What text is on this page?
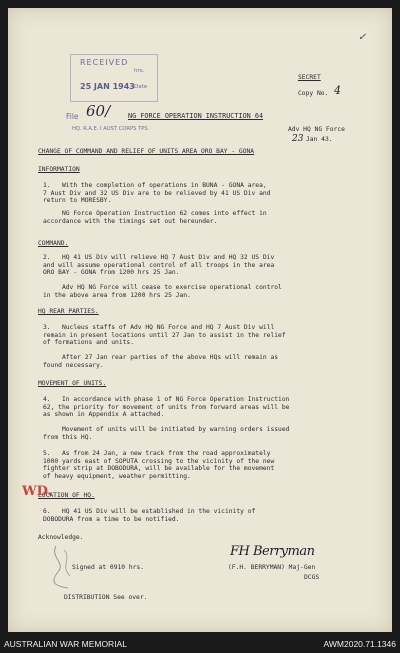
RECEIVED
hrs.
25 JAN 1943 Date
File 60/
HQ. R.A.E. I AUST CORPS TPS.
✓
SECRET
Copy No. 4
NG FORCE OPERATION INSTRUCTION 64
Adv HQ NG Force
23 Jan 43.
CHANGE OF COMMAND AND RELIEF OF UNITS AREA ORO BAY - GONA
INFORMATION
1.   With the completion of operations in BUNA - GONA area,
7 Aust Div and 32 US Div are to be relieved by 41 US Div and
return to MORESBY.
NG Force Operation Instruction 62 comes into effect in
accordance with the timings set out hereunder.
COMMAND.
2.   HQ 41 US Div will relieve HQ 7 Aust Div and HQ 32 US Div
and will assume operational control of all troops in the area
ORO BAY - GONA from 1200 hrs 25 Jan.
Adv HQ NG Force will cease to exercise operational control
in the above area from 1200 hrs 25 Jan.
HQ REAR PARTIES.
3.   Nucleus staffs of Adv HQ NG Force and HQ 7 Aust Div will
remain in present locations until 27 Jan to assist in the relief
of formations and units.
After 27 Jan rear parties of the above HQs will remain as
found necessary.
MOVEMENT OF UNITS.
4.   In accordance with phase 1 of NG Force Operation Instruction
62, the priority for movement of units from forward areas will be
as shown in Appendix A attached.
Movement of units will be initiated by warning orders issued
from this HQ.
5.   As from 24 Jan, a new track from the road approximately
1000 yards east of SOPUTA crossing to the vicinity of the new
fighter strip at DOBODURA, will be available for the movement
of heavy equipment, weather permitting.
LOCATION OF HQ.
6.   HQ 41 US Div will be established in the vicinity of
DOBODURA from a time to be notified.
WD.
Acknowledge.
Signed at 0910 hrs.
FH Berryman
(F.H. BERRYMAN) Maj-Gen
DCGS
DISTRIBUTION See over.
AUSTRALIAN WAR MEMORIAL	AWM2020.71.1346
